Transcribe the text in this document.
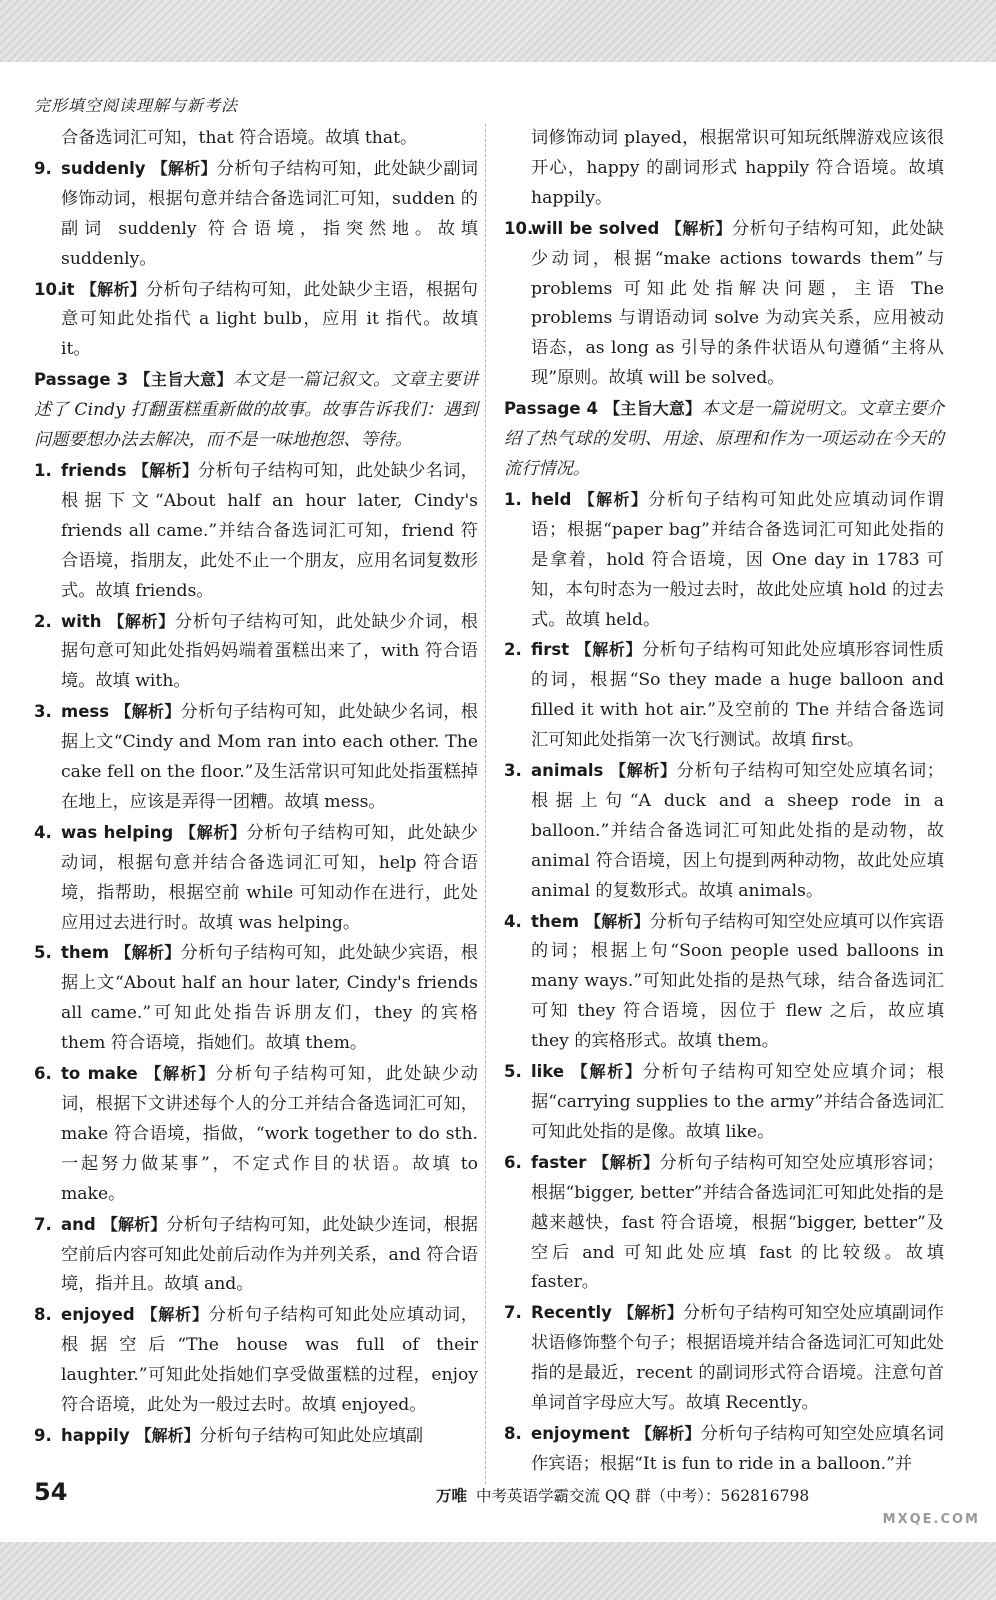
完形填空阅读理解与新考法

合备选词汇可知，that 符合语境。故填 that。

9. suddenly 【解析】分析句子结构可知，此处缺少副词修饰动词，根据句意并结合备选词汇可知，sudden 的副词 suddenly 符合语境，指突然地。故填 suddenly。

10.it 【解析】分析句子结构可知，此处缺少主语，根据句意可知此处指代 a light bulb，应用 it 指代。故填 it。

Passage 3 【主旨大意】本文是一篇记叙文。文章主要讲述了 Cindy 打翻蛋糕重新做的故事。故事告诉我们：遇到问题要想办法去解决，而不是一味地抱怨、等待。

1. friends 【解析】分析句子结构可知，此处缺少名词，根据下文“About half an hour later, Cindy's friends all came.”并结合备选词汇可知，friend 符合语境，指朋友，此处不止一个朋友，应用名词复数形式。故填 friends。

2. with 【解析】分析句子结构可知，此处缺少介词，根据句意可知此处指妈妈端着蛋糕出来了，with 符合语境。故填 with。

3. mess 【解析】分析句子结构可知，此处缺少名词，根据上文“Cindy and Mom ran into each other. The cake fell on the floor.”及生活常识可知此处指蛋糕掉在地上，应该是弄得一团糟。故填 mess。

4. was helping 【解析】分析句子结构可知，此处缺少动词，根据句意并结合备选词汇可知，help 符合语境，指帮助，根据空前 while 可知动作在进行，此处应用过去进行时。故填 was helping。

5. them 【解析】分析句子结构可知，此处缺少宾语，根据上文“About half an hour later, Cindy's friends all came.”可知此处指告诉朋友们，they 的宾格 them 符合语境，指她们。故填 them。

6. to make 【解析】分析句子结构可知，此处缺少动词，根据下文讲述每个人的分工并结合备选词汇可知，make 符合语境，指做，“work together to do sth. 一起努力做某事”，不定式作目的状语。故填 to make。

7. and 【解析】分析句子结构可知，此处缺少连词，根据空前后内容可知此处前后动作为并列关系，and 符合语境，指并且。故填 and。

8. enjoyed 【解析】分析句子结构可知此处应填动词，根据空后“The house was full of their laughter.”可知此处指她们享受做蛋糕的过程，enjoy 符合语境，此处为一般过去时。故填 enjoyed。

9. happily 【解析】分析句子结构可知此处应填副

词修饰动词 played，根据常识可知玩纸牌游戏应该很开心，happy 的副词形式 happily 符合语境。故填 happily。

10.will be solved 【解析】分析句子结构可知，此处缺少动词，根据“make actions towards them”与 problems 可知此处指解决问题，主语 The problems 与谓语动词 solve 为动宾关系，应用被动语态，as long as 引导的条件状语从句遵循“主将从现”原则。故填 will be solved。

Passage 4 【主旨大意】本文是一篇说明文。文章主要介绍了热气球的发明、用途、原理和作为一项运动在今天的流行情况。

1. held 【解析】分析句子结构可知此处应填动词作谓语；根据“paper bag”并结合备选词汇可知此处指的是拿着，hold 符合语境，因 One day in 1783 可知，本句时态为一般过去时，故此处应填 hold 的过去式。故填 held。

2. first 【解析】分析句子结构可知此处应填形容词性质的词，根据“So they made a huge balloon and filled it with hot air.”及空前的 The 并结合备选词汇可知此处指第一次飞行测试。故填 first。

3. animals 【解析】分析句子结构可知空处应填名词；根据上句“A duck and a sheep rode in a balloon.”并结合备选词汇可知此处指的是动物，故 animal 符合语境，因上句提到两种动物，故此处应填 animal 的复数形式。故填 animals。

4. them 【解析】分析句子结构可知空处应填可以作宾语的词；根据上句“Soon people used balloons in many ways.”可知此处指的是热气球，结合备选词汇可知 they 符合语境，因位于 flew 之后，故应填 they 的宾格形式。故填 them。

5. like 【解析】分析句子结构可知空处应填介词；根据“carrying supplies to the army”并结合备选词汇可知此处指的是像。故填 like。

6. faster 【解析】分析句子结构可知空处应填形容词；根据“bigger, better”并结合备选词汇可知此处指的是越来越快，fast 符合语境，根据“bigger, better”及空后 and 可知此处应填 fast 的比较级。故填 faster。

7. Recently 【解析】分析句子结构可知空处应填副词作状语修饰整个句子；根据语境并结合备选词汇可知此处指的是最近，recent 的副词形式符合语境。注意句首单词首字母应大写。故填 Recently。

8. enjoyment 【解析】分析句子结构可知空处应填名词作宾语；根据“It is fun to ride in a balloon.”并

54	万唯 中考英语学霸交流 QQ 群（中考）：562816798
MXQE.COM
